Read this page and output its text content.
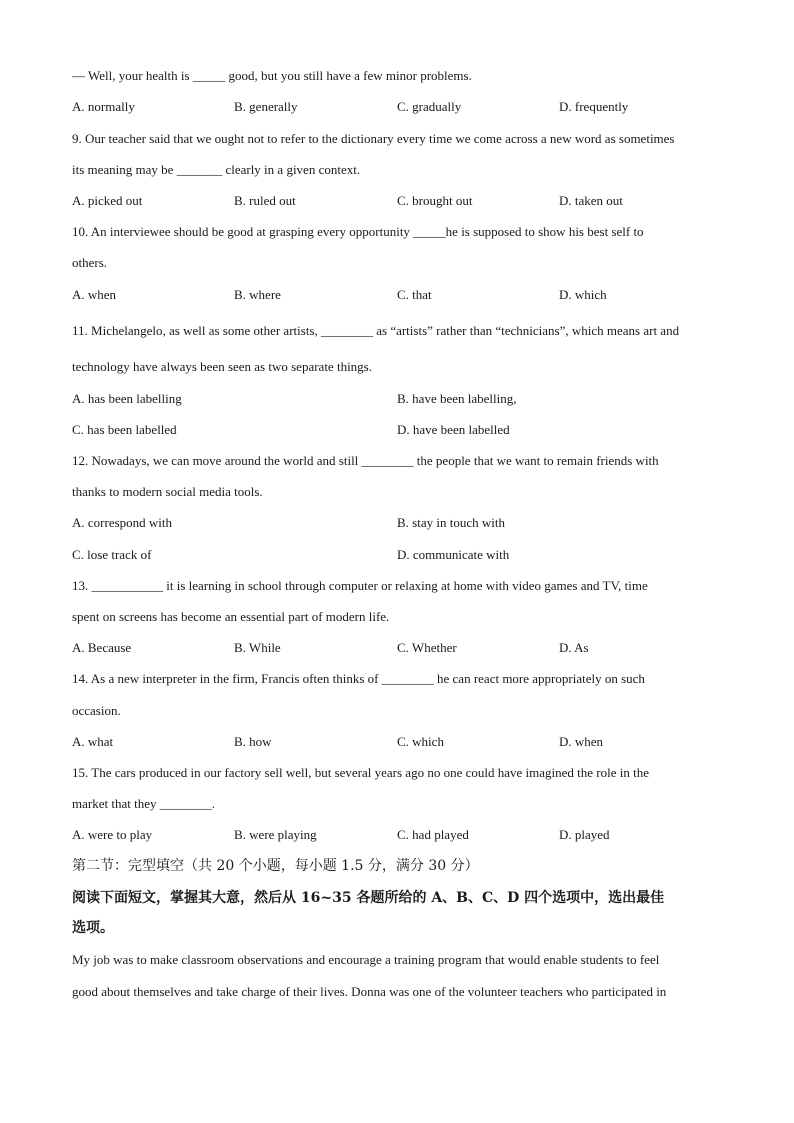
— Well, your health is _____ good, but you still have a few minor problems.
A. normally	B. generally	C. gradually	D. frequently
9. Our teacher said that we ought not to refer to the dictionary every time we come across a new word as sometimes
its meaning may be _______ clearly in a given context.
A. picked out	B. ruled out	C. brought out	D. taken out
10. An interviewee should be good at grasping every opportunity _____he is supposed to show his best self to
others.
A. when	B. where	C. that	D. which
11. Michelangelo, as well as some other artists, ________ as “artists” rather than “technicians”, which means art and
technology have always been seen as two separate things.
A. has been labelling	B. have been labelling,
C. has been labelled	D. have been labelled
12. Nowadays, we can move around the world and still ________ the people that we want to remain friends with
thanks to modern social media tools.
A. correspond with	B. stay in touch with
C. lose track of	D. communicate with
13. ___________ it is learning in school through computer or relaxing at home with video games and TV, time
spent on screens has become an essential part of modern life.
A. Because	B. While	C. Whether	D. As
14. As a new interpreter in the firm, Francis often thinks of ________ he can react more appropriately on such
occasion.
A. what	B. how	C. which	D. when
15. The cars produced in our factory sell well, but several years ago no one could have imagined the role in the
market that they ________.
A. were to play	B. were playing	C. had played	D. played
第二节：完型填空（共 20 个小题，每小题 1.5 分，满分 30 分）
阅读下面短文，掌握其大意，然后从 16~35 各题所给的 A、B、C、D 四个选项中，选出最佳
选项。
My job was to make classroom observations and encourage a training program that would enable students to feel
good about themselves and take charge of their lives. Donna was one of the volunteer teachers who participated in
